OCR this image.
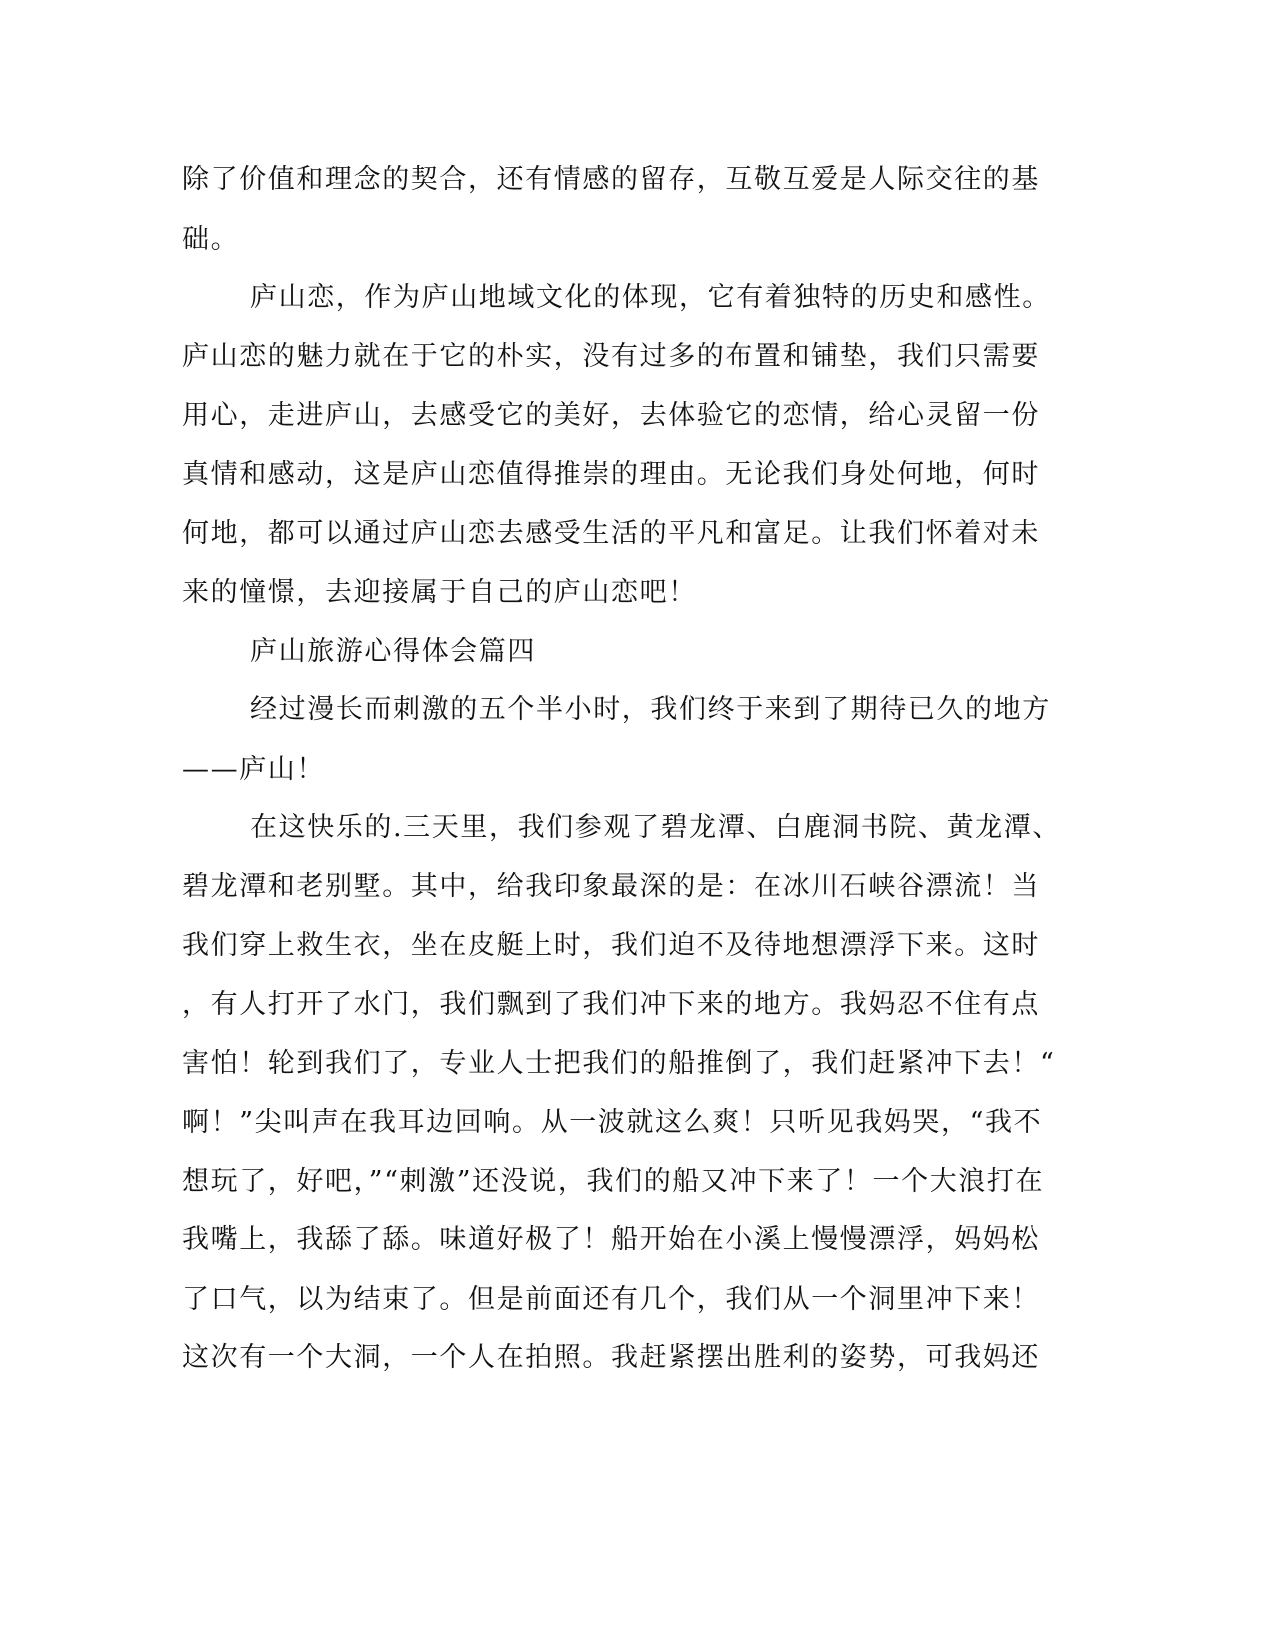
除了价值和理念的契合，还有情感的留存，互敬互爱是人际交往的基
础。
庐山恋，作为庐山地域文化的体现，它有着独特的历史和感性。
庐山恋的魅力就在于它的朴实，没有过多的布置和铺垫，我们只需要
用心，走进庐山，去感受它的美好，去体验它的恋情，给心灵留一份
真情和感动，这是庐山恋值得推崇的理由。无论我们身处何地，何时
何地，都可以通过庐山恋去感受生活的平凡和富足。让我们怀着对未
来的憧憬，去迎接属于自己的庐山恋吧！
庐山旅游心得体会篇四
经过漫长而刺激的五个半小时，我们终于来到了期待已久的地方
——庐山！
在这快乐的.三天里，我们参观了碧龙潭、白鹿洞书院、黄龙潭、
碧龙潭和老别墅。其中，给我印象最深的是：在冰川石峡谷漂流！当
我们穿上救生衣，坐在皮艇上时，我们迫不及待地想漂浮下来。这时
，有人打开了水门，我们飘到了我们冲下来的地方。我妈忍不住有点
害怕！轮到我们了，专业人士把我们的船推倒了，我们赶紧冲下去！“
啊！”尖叫声在我耳边回响。从一波就这么爽！只听见我妈哭，“我不
想玩了，好吧，”“刺激”还没说，我们的船又冲下来了！一个大浪打在
我嘴上，我舔了舔。味道好极了！船开始在小溪上慢慢漂浮，妈妈松
了口气，以为结束了。但是前面还有几个，我们从一个洞里冲下来！
这次有一个大洞，一个人在拍照。我赶紧摆出胜利的姿势，可我妈还
